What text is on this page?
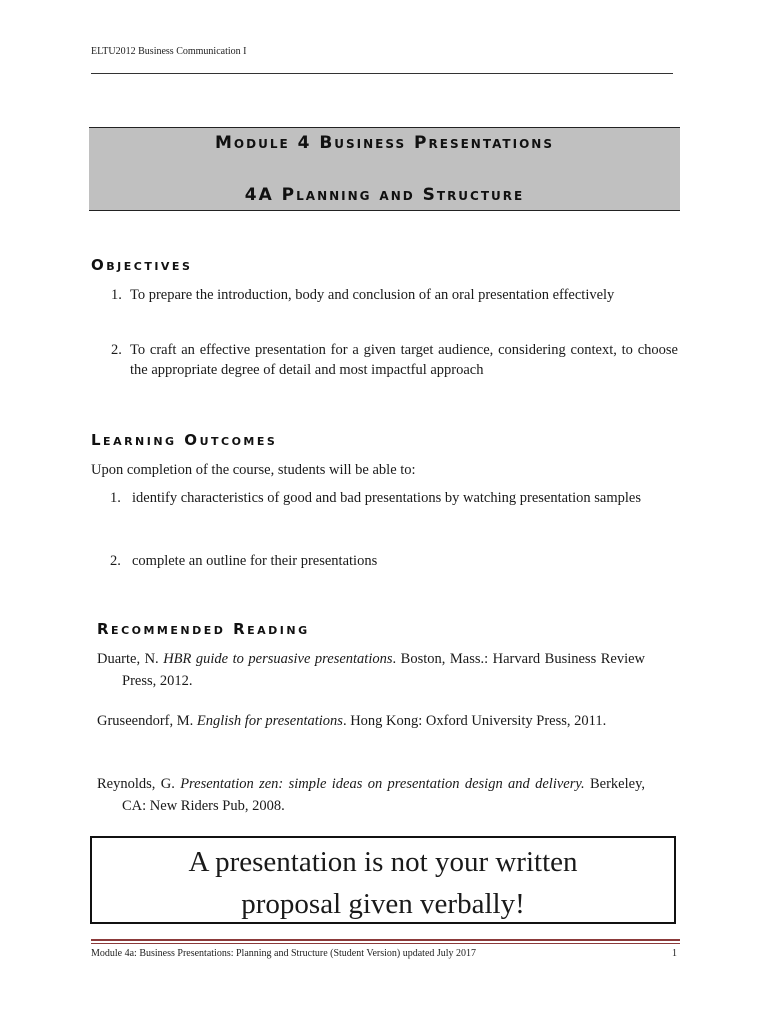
ELTU2012 Business Communication I
Module 4 Business Presentations
4A Planning and Structure
Objectives
1. To prepare the introduction, body and conclusion of an oral presentation effectively
2. To craft an effective presentation for a given target audience, considering context, to choose the appropriate degree of detail and most impactful approach
Learning Outcomes
Upon completion of the course, students will be able to:
1. identify characteristics of good and bad presentations by watching presentation samples
2. complete an outline for their presentations
Recommended Reading
Duarte, N. HBR guide to persuasive presentations. Boston, Mass.: Harvard Business Review Press, 2012.
Gruseendorf, M. English for presentations. Hong Kong: Oxford University Press, 2011.
Reynolds, G. Presentation zen: simple ideas on presentation design and delivery. Berkeley, CA: New Riders Pub, 2008.
A presentation is not your written
proposal given verbally!
Module 4a: Business Presentations: Planning and Structure (Student Version) updated July 2017	1
